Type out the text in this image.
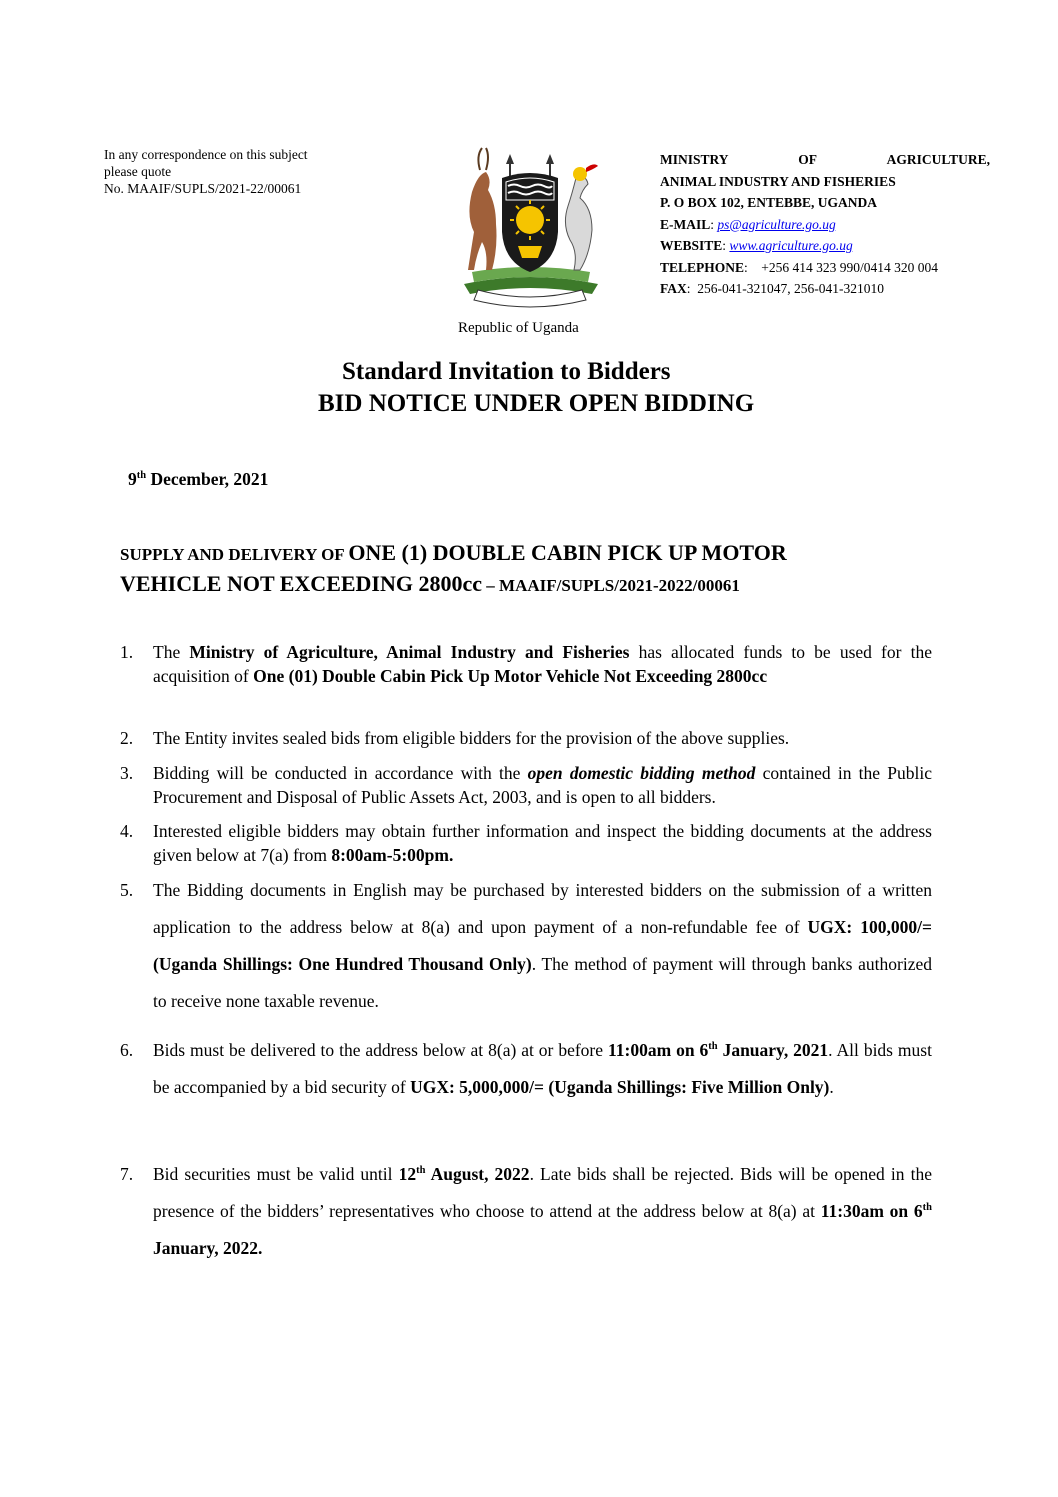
In any correspondence on this subject
please quote
No. MAAIF/SUPLS/2021-22/00061
Republic of Uganda
MINISTRY	OF	AGRICULTURE,
ANIMAL INDUSTRY AND FISHERIES
P. O BOX 102, ENTEBBE, UGANDA
E-MAIL: ps@agriculture.go.ug
WEBSITE: www.agriculture.go.ug
TELEPHONE:    +256 414 323 990/0414 320 004
FAX:  256-041-321047, 256-041-321010
Standard Invitation to Bidders
BID NOTICE UNDER OPEN BIDDING
9th December, 2021
SUPPLY AND DELIVERY OF ONE (1) DOUBLE CABIN PICK UP MOTOR
VEHICLE NOT EXCEEDING 2800cc – MAAIF/SUPLS/2021-2022/00061
1. The Ministry of Agriculture, Animal Industry and Fisheries has allocated funds to be used for the acquisition of One (01) Double Cabin Pick Up Motor Vehicle Not Exceeding 2800cc
2. The Entity invites sealed bids from eligible bidders for the provision of the above supplies.
3. Bidding will be conducted in accordance with the open domestic bidding method contained in the Public Procurement and Disposal of Public Assets Act, 2003, and is open to all bidders.
4. Interested eligible bidders may obtain further information and inspect the bidding documents at the address given below at 7(a) from 8:00am-5:00pm.
5. The Bidding documents in English may be purchased by interested bidders on the submission of a written application to the address below at 8(a) and upon payment of a non-refundable fee of UGX: 100,000/= (Uganda Shillings: One Hundred Thousand Only). The method of payment will through banks authorized to receive none taxable revenue.
6. Bids must be delivered to the address below at 8(a) at or before 11:00am on 6th January, 2021. All bids must be accompanied by a bid security of UGX: 5,000,000/= (Uganda Shillings: Five Million Only).
7. Bid securities must be valid until 12th August, 2022. Late bids shall be rejected. Bids will be opened in the presence of the bidders’ representatives who choose to attend at the address below at 8(a) at 11:30am on 6th January, 2022.
